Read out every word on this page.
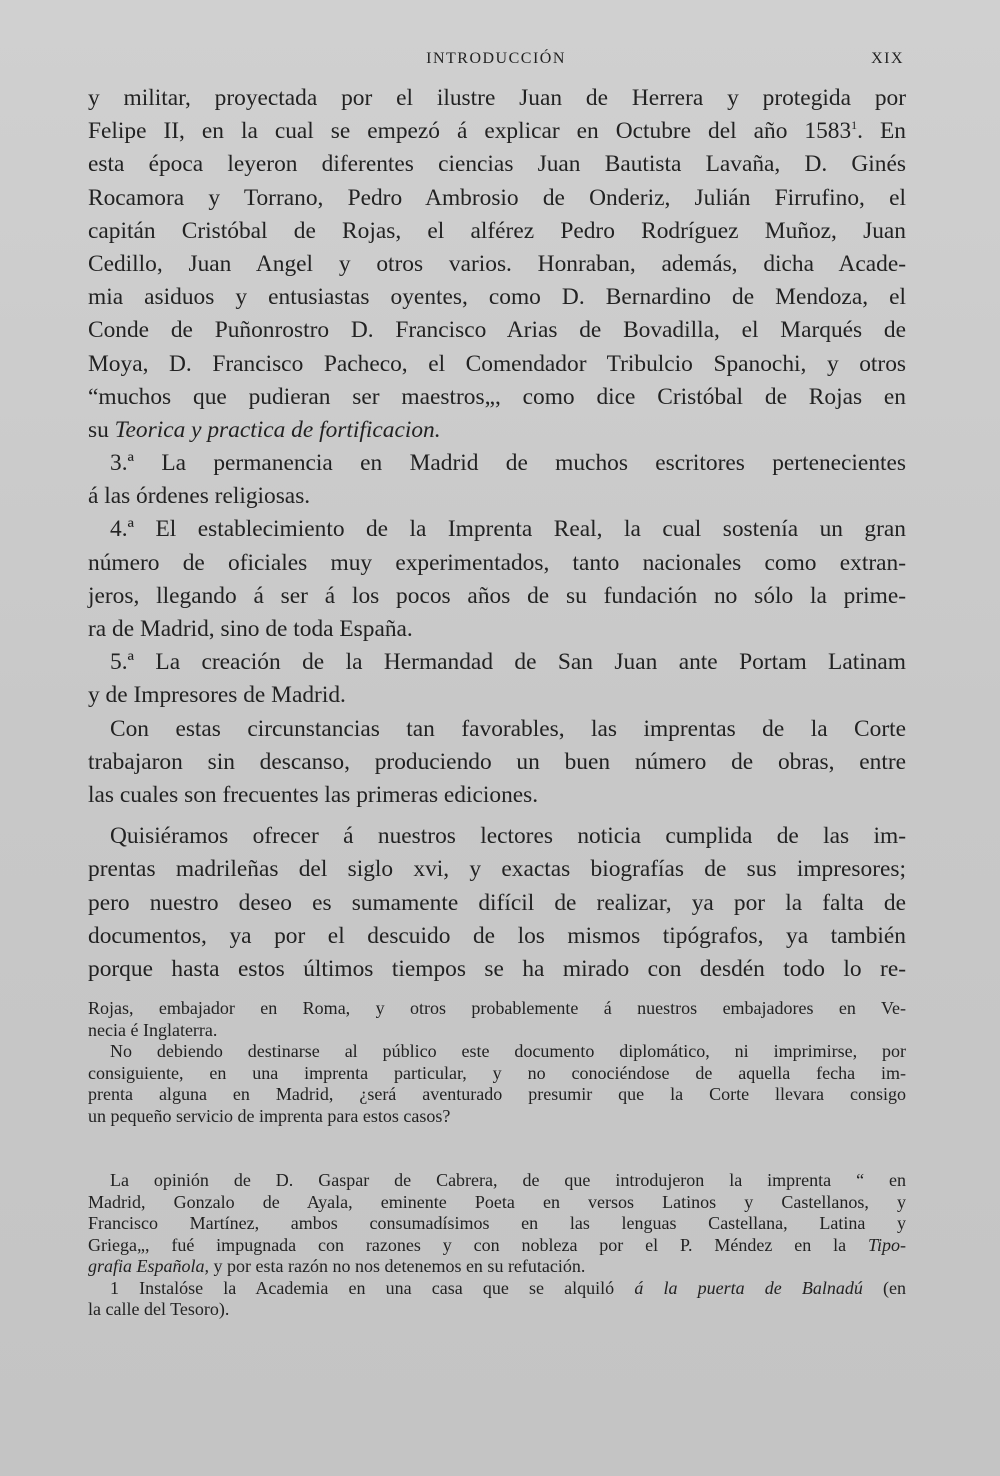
INTRODUCCIÓN	XIX
y militar, proyectada por el ilustre Juan de Herrera y protegida por
Felipe II, en la cual se empezó á explicar en Octubre del año 1583$^1$. En
esta época leyeron diferentes ciencias Juan Bautista Lavaña, D. Ginés
Rocamora y Torrano, Pedro Ambrosio de Onderiz, Julián Firrufino, el
capitán Cristóbal de Rojas, el alférez Pedro Rodríguez Muñoz, Juan
Cedillo, Juan Angel y otros varios. Honraban, además, dicha Acade-
mia asiduos y entusiastas oyentes, como D. Bernardino de Mendoza, el
Conde de Puñonrostro D. Francisco Arias de Bovadilla, el Marqués de
Moya, D. Francisco Pacheco, el Comendador Tribulcio Spanochi, y otros
“muchos que pudieran ser maestros„, como dice Cristóbal de Rojas en
su Teorica y practica de fortificacion.
3.ª La permanencia en Madrid de muchos escritores pertenecientes
á las órdenes religiosas.
4.ª El establecimiento de la Imprenta Real, la cual sostenía un gran
número de oficiales muy experimentados, tanto nacionales como extran-
jeros, llegando á ser á los pocos años de su fundación no sólo la prime-
ra de Madrid, sino de toda España.
5.ª La creación de la Hermandad de San Juan ante Portam Latinam
y de Impresores de Madrid.
Con estas circunstancias tan favorables, las imprentas de la Corte
trabajaron sin descanso, produciendo un buen número de obras, entre
las cuales son frecuentes las primeras ediciones.
Quisiéramos ofrecer á nuestros lectores noticia cumplida de las im-
prentas madrileñas del siglo xvi, y exactas biografías de sus impresores;
pero nuestro deseo es sumamente difícil de realizar, ya por la falta de
documentos, ya por el descuido de los mismos tipógrafos, ya también
porque hasta estos últimos tiempos se ha mirado con desdén todo lo re-
Rojas, embajador en Roma, y otros probablemente á nuestros embajadores en Ve-
necia é Inglaterra.
No debiendo destinarse al público este documento diplomático, ni imprimirse, por
consiguiente, en una imprenta particular, y no conociéndose de aquella fecha im-
prenta alguna en Madrid, ¿será aventurado presumir que la Corte llevara consigo
un pequeño servicio de imprenta para estos casos?
La opinión de D. Gaspar de Cabrera, de que introdujeron la imprenta “ en
Madrid, Gonzalo de Ayala, eminente Poeta en versos Latinos y Castellanos, y
Francisco Martínez, ambos consumadísimos en las lenguas Castellana, Latina y
Griega„, fué impugnada con razones y con nobleza por el P. Méndez en la Tipo-
grafia Española, y por esta razón no nos detenemos en su refutación.
1 Instalóse la Academia en una casa que se alquiló á la puerta de Balnadú (en
la calle del Tesoro).
